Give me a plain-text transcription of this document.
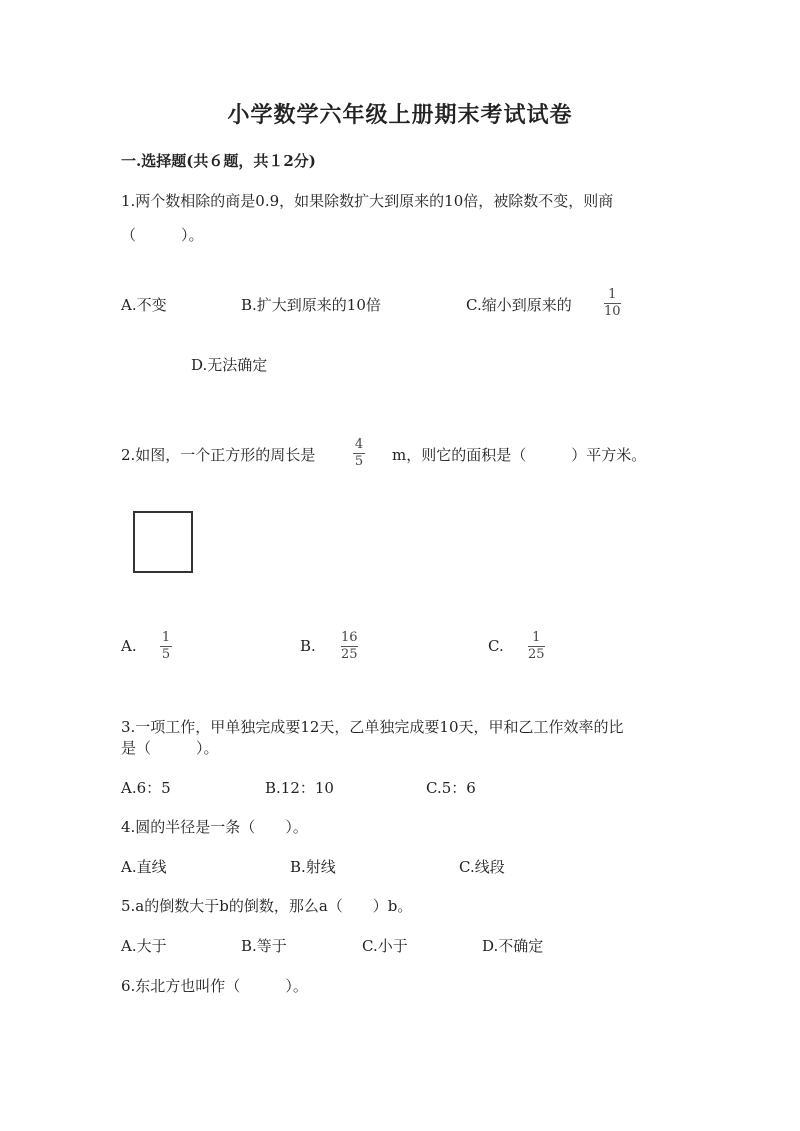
小学数学六年级上册期末考试试卷
一.选择题(共６题，共１2分)
1.两个数相除的商是0.9，如果除数扩大到原来的10倍，被除数不变，则商
（　　　）。
A.不变	B.扩大到原来的10倍	C.缩小到原来的
1
10
D.无法确定
2.如图，一个正方形的周长是
4
5 m，则它的面积是（　　　）平方米。
A. 1
5	B. 16
25	C. 1
25
3.一项工作，甲单独完成要12天，乙单独完成要10天，甲和乙工作效率的比
是（　　　）。
A.6：5	B.12：10	C.5：6
4.圆的半径是一条（　　）。
A.直线	B.射线	C.线段
5.a的倒数大于b的倒数，那么a（　　）b。
A.大于	B.等于	C.小于	D.不确定
6.东北方也叫作（　　　）。
